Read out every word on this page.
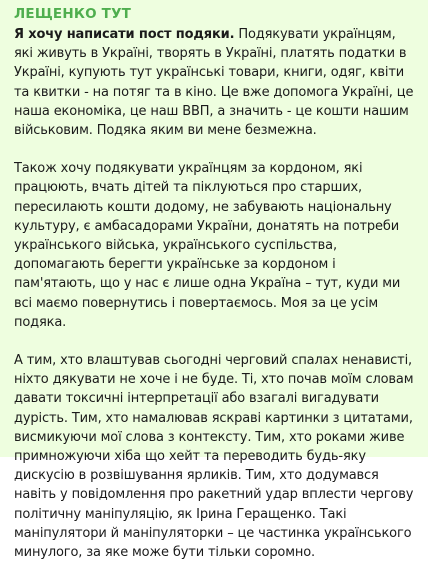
ЛЕЩЕНКО ТУТ
Я хочу написати пост подяки. Подякувати українцям, які живуть в Україні, творять в Україні, платять податки в Україні, купують тут українські товари, книги, одяг, квіти та квитки - на потяг та в кіно. Це вже допомога Україні, це наша економіка, це наш ВВП, а значить - це кошти нашим військовим. Подяка яким ви мене безмежна.
Також хочу подякувати українцям за кордоном, які працюють, вчать дітей та піклуються про старших, пересилають кошти додому, не забувають національну культуру, є амбасадорами України, донатять на потреби українського війська, українського суспільства, допомагають берегти українське за кордоном і пам'ятають, що у нас є лише одна Україна – тут, куди ми всі маємо повернутись і повертаємось. Моя за це усім подяка.
А тим, хто влаштував сьогодні черговий спалах ненависті, ніхто дякувати не хоче і не буде. Ті, хто почав моїм словам давати токсичні інтерпретації або взагалі вигадувати дурість. Тим, хто намалював яскраві картинки з цитатами, висмикуючи мої слова з контексту. Тим, хто роками живе примножуючи хіба що хейт та переводить будь-яку дискусію в розвішування ярликів. Тим, хто додумався навіть у повідомлення про ракетний удар вплести чергову політичну маніпуляцію, як Ірина Геращенко. Такі маніпулятори й маніпуляторки – це частинка українського минулого, за яке може бути тільки соромно.
